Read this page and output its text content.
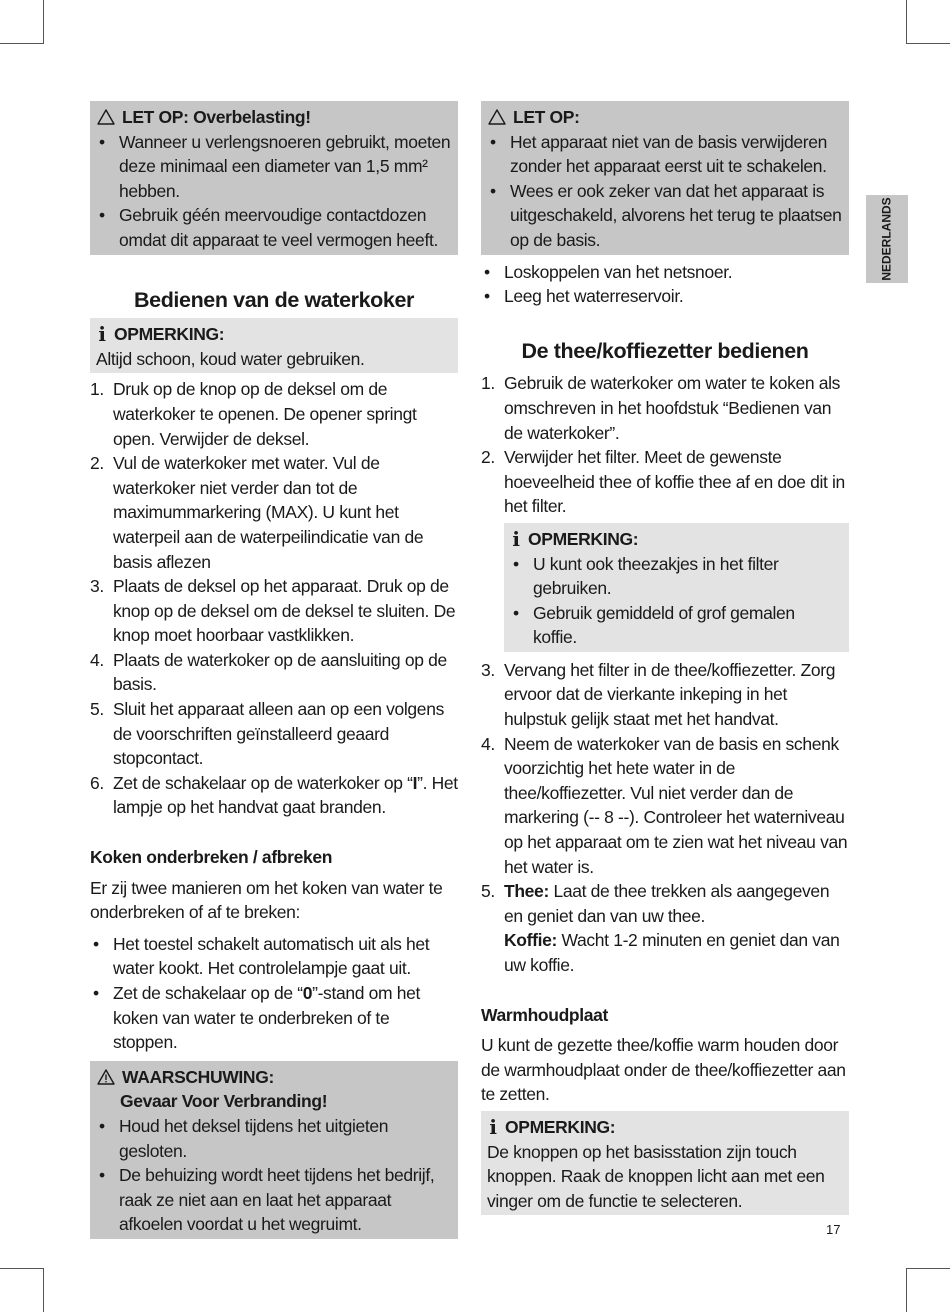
NEDERLANDS
LET OP: Overbelasting!
• Wanneer u verlengsnoeren gebruikt, moeten deze minimaal een diameter van 1,5 mm² hebben.
• Gebruik géén meervoudige contactdozen omdat dit apparaat te veel vermogen heeft.
Bedienen van de waterkoker
i OPMERKING:

Altijd schoon, koud water gebruiken.

1. Druk op de knop op de deksel om de waterkoker te openen. De opener springt open. Verwijder de deksel.
2. Vul de waterkoker met water. Vul de waterkoker niet verder dan tot de maximummarkering (MAX). U kunt het waterpeil aan de waterpeilindicatie van de basis aflezen
3. Plaats de deksel op het apparaat. Druk op de knop op de deksel om de deksel te sluiten. De knop moet hoorbaar vastklikken.
4. Plaats de waterkoker op de aansluiting op de basis.
5. Sluit het apparaat alleen aan op een volgens de voorschriften geïnstalleerd geaard stopcontact.
6. Zet de schakelaar op de waterkoker op “I”. Het lampje op het handvat gaat branden.
Koken onderbreken / afbreken

Er zij twee manieren om het koken van water te onderbreken of af te breken:

• Het toestel schakelt automatisch uit als het water kookt. Het controlelampje gaat uit.
• Zet de schakelaar op de “0”-stand om het koken van water te onderbreken of te stoppen.
WAARSCHUWING:
Gevaar Voor Verbranding!
• Houd het deksel tijdens het uitgieten gesloten.
• De behuizing wordt heet tijdens het bedrijf, raak ze niet aan en laat het apparaat afkoelen voordat u het wegruimt.
LET OP:
• Het apparaat niet van de basis verwijderen zonder het apparaat eerst uit te schakelen.
• Wees er ook zeker van dat het apparaat is uitgeschakeld, alvorens het terug te plaatsen op de basis.
• Loskoppelen van het netsnoer.
• Leeg het waterreservoir.
De thee/koffiezetter bedienen
1. Gebruik de waterkoker om water te koken als omschreven in het hoofdstuk “Bedienen van de waterkoker”.
2. Verwijder het filter. Meet de gewenste hoeveelheid thee of koffie thee af en doe dit in het filter.
i OPMERKING:
• U kunt ook theezakjes in het filter gebruiken.
• Gebruik gemiddeld of grof gemalen koffie.
3. Vervang het filter in de thee/koffiezetter. Zorg ervoor dat de vierkante inkeping in het hulpstuk gelijk staat met het handvat.
4. Neem de waterkoker van de basis en schenk voorzichtig het hete water in de thee/koffiezetter. Vul niet verder dan de markering (-- 8 --). Controleer het waterniveau op het apparaat om te zien wat het niveau van het water is.
5. Thee: Laat de thee trekken als aangegeven en geniet dan van uw thee.
Koffie: Wacht 1-2 minuten en geniet dan van uw koffie.
Warmhoudplaat

U kunt de gezette thee/koffie warm houden door de warmhoudplaat onder de thee/koffiezetter aan te zetten.

i OPMERKING:

De knoppen op het basisstation zijn touch knoppen. Raak de knoppen licht aan met een vinger om de functie te selecteren.

17
